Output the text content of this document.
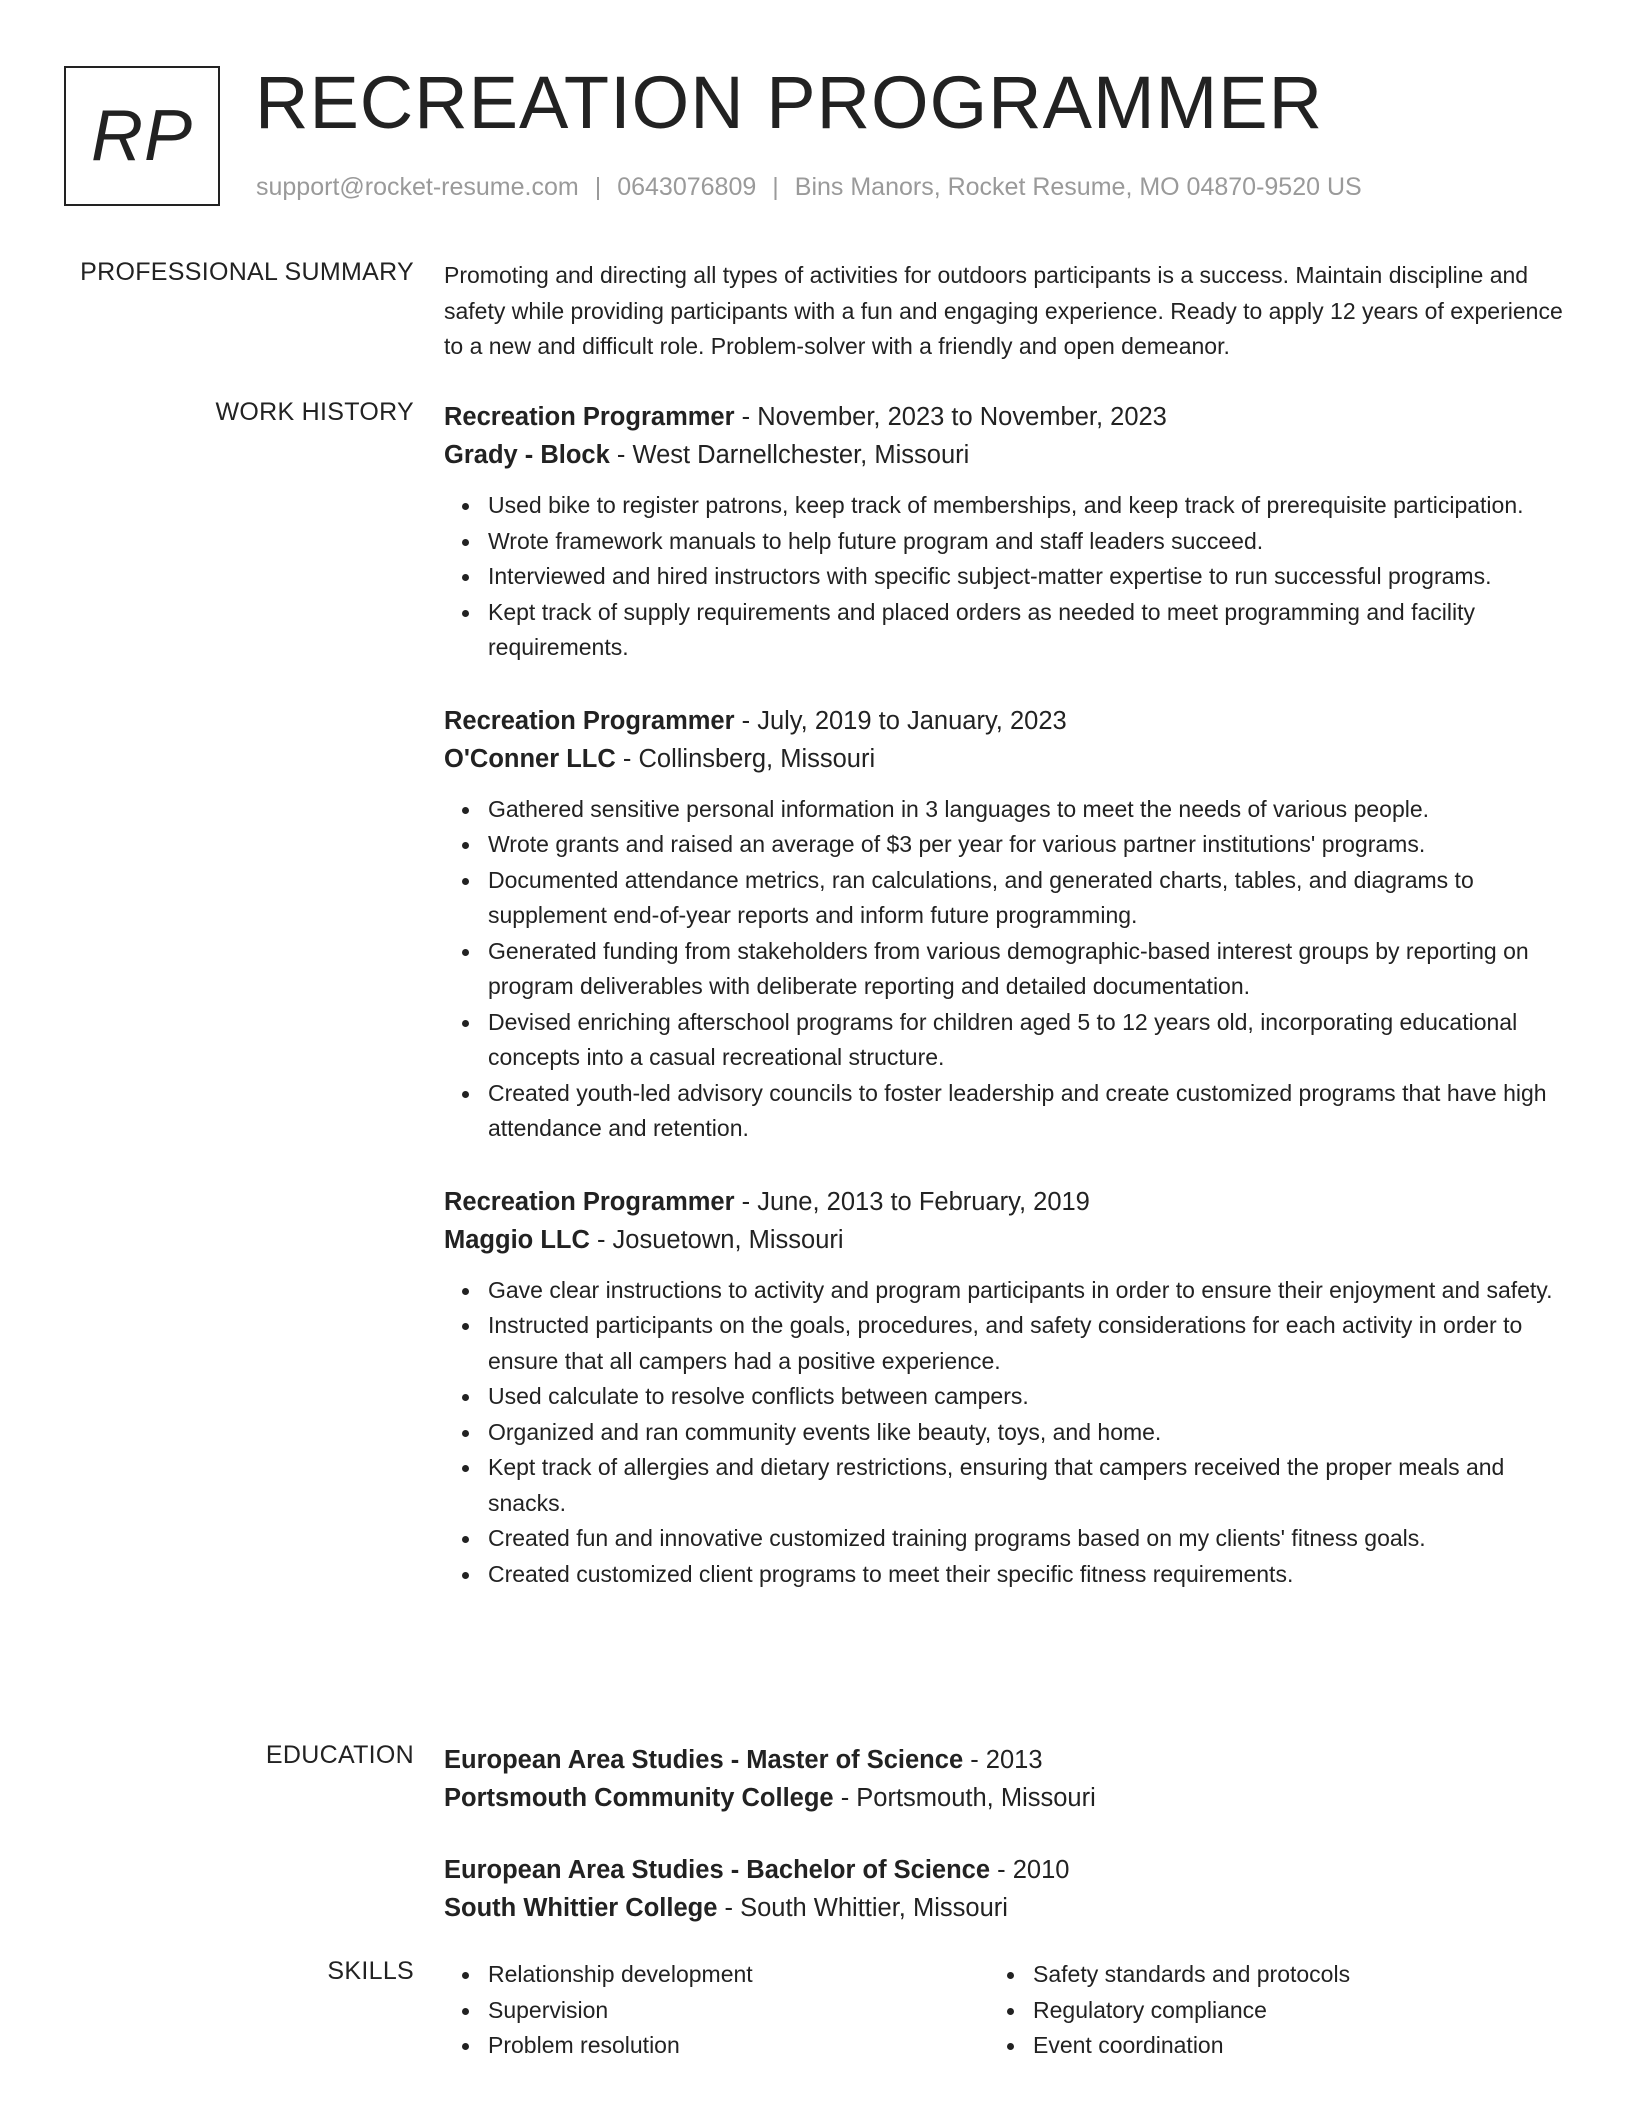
RP RECREATION PROGRAMMER
support@rocket-resume.com | 0643076809 | Bins Manors, Rocket Resume, MO 04870-9520 US
PROFESSIONAL SUMMARY Promoting and directing all types of activities for outdoors participants is a success. Maintain discipline and safety while providing participants with a fun and engaging experience. Ready to apply 12 years of experience to a new and difficult role. Problem-solver with a friendly and open demeanor.

WORK HISTORY Recreation Programmer - November, 2023 to November, 2023
Grady - Block - West Darnellchester, Missouri
Used bike to register patrons, keep track of memberships, and keep track of prerequisite participation.
Wrote framework manuals to help future program and staff leaders succeed.
Interviewed and hired instructors with specific subject-matter expertise to run successful programs.
Kept track of supply requirements and placed orders as needed to meet programming and facility requirements.
Recreation Programmer - July, 2019 to January, 2023
O'Conner LLC - Collinsberg, Missouri
Gathered sensitive personal information in 3 languages to meet the needs of various people.
Wrote grants and raised an average of $3 per year for various partner institutions' programs.
Documented attendance metrics, ran calculations, and generated charts, tables, and diagrams to supplement end-of-year reports and inform future programming.
Generated funding from stakeholders from various demographic-based interest groups by reporting on program deliverables with deliberate reporting and detailed documentation.
Devised enriching afterschool programs for children aged 5 to 12 years old, incorporating educational concepts into a casual recreational structure.
Created youth-led advisory councils to foster leadership and create customized programs that have high attendance and retention.
Recreation Programmer - June, 2013 to February, 2019
Maggio LLC - Josuetown, Missouri
Gave clear instructions to activity and program participants in order to ensure their enjoyment and safety.
Instructed participants on the goals, procedures, and safety considerations for each activity in order to ensure that all campers had a positive experience.
Used calculate to resolve conflicts between campers.
Organized and ran community events like beauty, toys, and home.
Kept track of allergies and dietary restrictions, ensuring that campers received the proper meals and snacks.
Created fun and innovative customized training programs based on my clients' fitness goals.
Created customized client programs to meet their specific fitness requirements.
EDUCATION European Area Studies - Master of Science - 2013
Portsmouth Community College - Portsmouth, Missouri
European Area Studies - Bachelor of Science - 2010
South Whittier College - South Whittier, Missouri
SKILLS	Relationship development
Supervision
Problem resolution
Safety standards and protocols
Regulatory compliance
Event coordination
